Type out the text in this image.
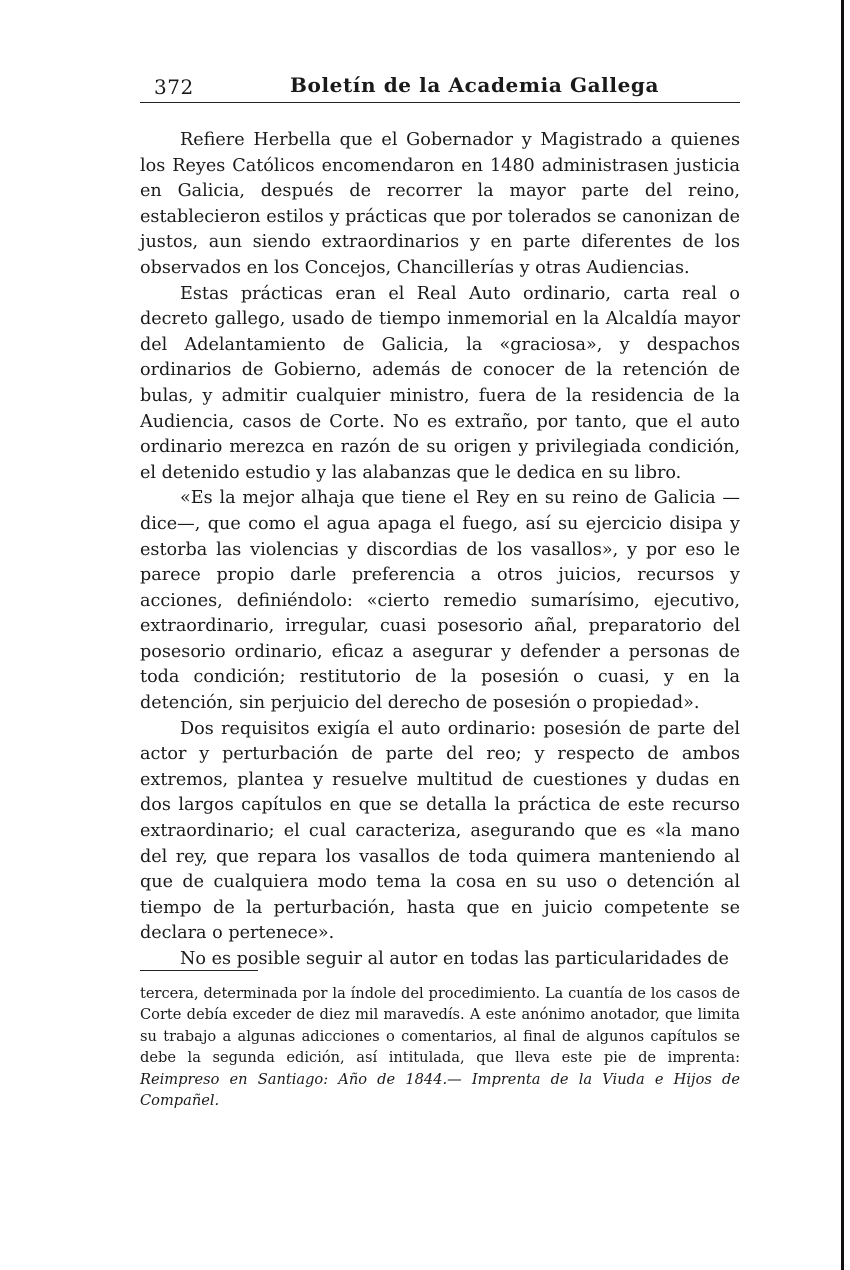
372	Boletín de la Academia Gallega

Refiere Herbella que el Gobernador y Magistrado a quienes los Reyes Católicos encomendaron en 1480 administrasen justicia en Galicia, después de recorrer la mayor parte del reino, establecieron estilos y prácticas que por tolerados se canonizan de justos, aun siendo extraordinarios y en parte diferentes de los observados en los Concejos, Chancillerías y otras Audiencias.

Estas prácticas eran el Real Auto ordinario, carta real o decreto gallego, usado de tiempo inmemorial en la Alcaldía mayor del Adelantamiento de Galicia, la «graciosa», y despachos ordinarios de Gobierno, además de conocer de la retención de bulas, y admitir cualquier ministro, fuera de la residencia de la Audiencia, casos de Corte. No es extraño, por tanto, que el auto ordinario merezca en razón de su origen y privilegiada condición, el detenido estudio y las alabanzas que le dedica en su libro.

«Es la mejor alhaja que tiene el Rey en su reino de Galicia —dice—, que como el agua apaga el fuego, así su ejercicio disipa y estorba las violencias y discordias de los vasallos», y por eso le parece propio darle preferencia a otros juicios, recursos y acciones, definiéndolo: «cierto remedio sumarísimo, ejecutivo, extraordinario, irregular, cuasi posesorio añal, preparatorio del posesorio ordinario, eficaz a asegurar y defender a personas de toda condición; restitutorio de la posesión o cuasi, y en la detención, sin perjuicio del derecho de posesión o propiedad».

Dos requisitos exigía el auto ordinario: posesión de parte del actor y perturbación de parte del reo; y respecto de ambos extremos, plantea y resuelve multitud de cuestiones y dudas en dos largos capítulos en que se detalla la práctica de este recurso extraordinario; el cual caracteriza, asegurando que es «la mano del rey, que repara los vasallos de toda quimera manteniendo al que de cualquiera modo tema la cosa en su uso o detención al tiempo de la perturbación, hasta que en juicio competente se declara o pertenece».

No es posible seguir al autor en todas las particularidades de

tercera, determinada por la índole del procedimiento. La cuantía de los casos de Corte debía exceder de diez mil maravedís. A este anónimo anotador, que limita su trabajo a algunas adicciones o comentarios, al final de algunos capítulos se debe la segunda edición, así intitulada, que lleva este pie de imprenta: Reimpreso en Santiago: Año de 1844.— Imprenta de la Viuda e Hijos de Compañel.
